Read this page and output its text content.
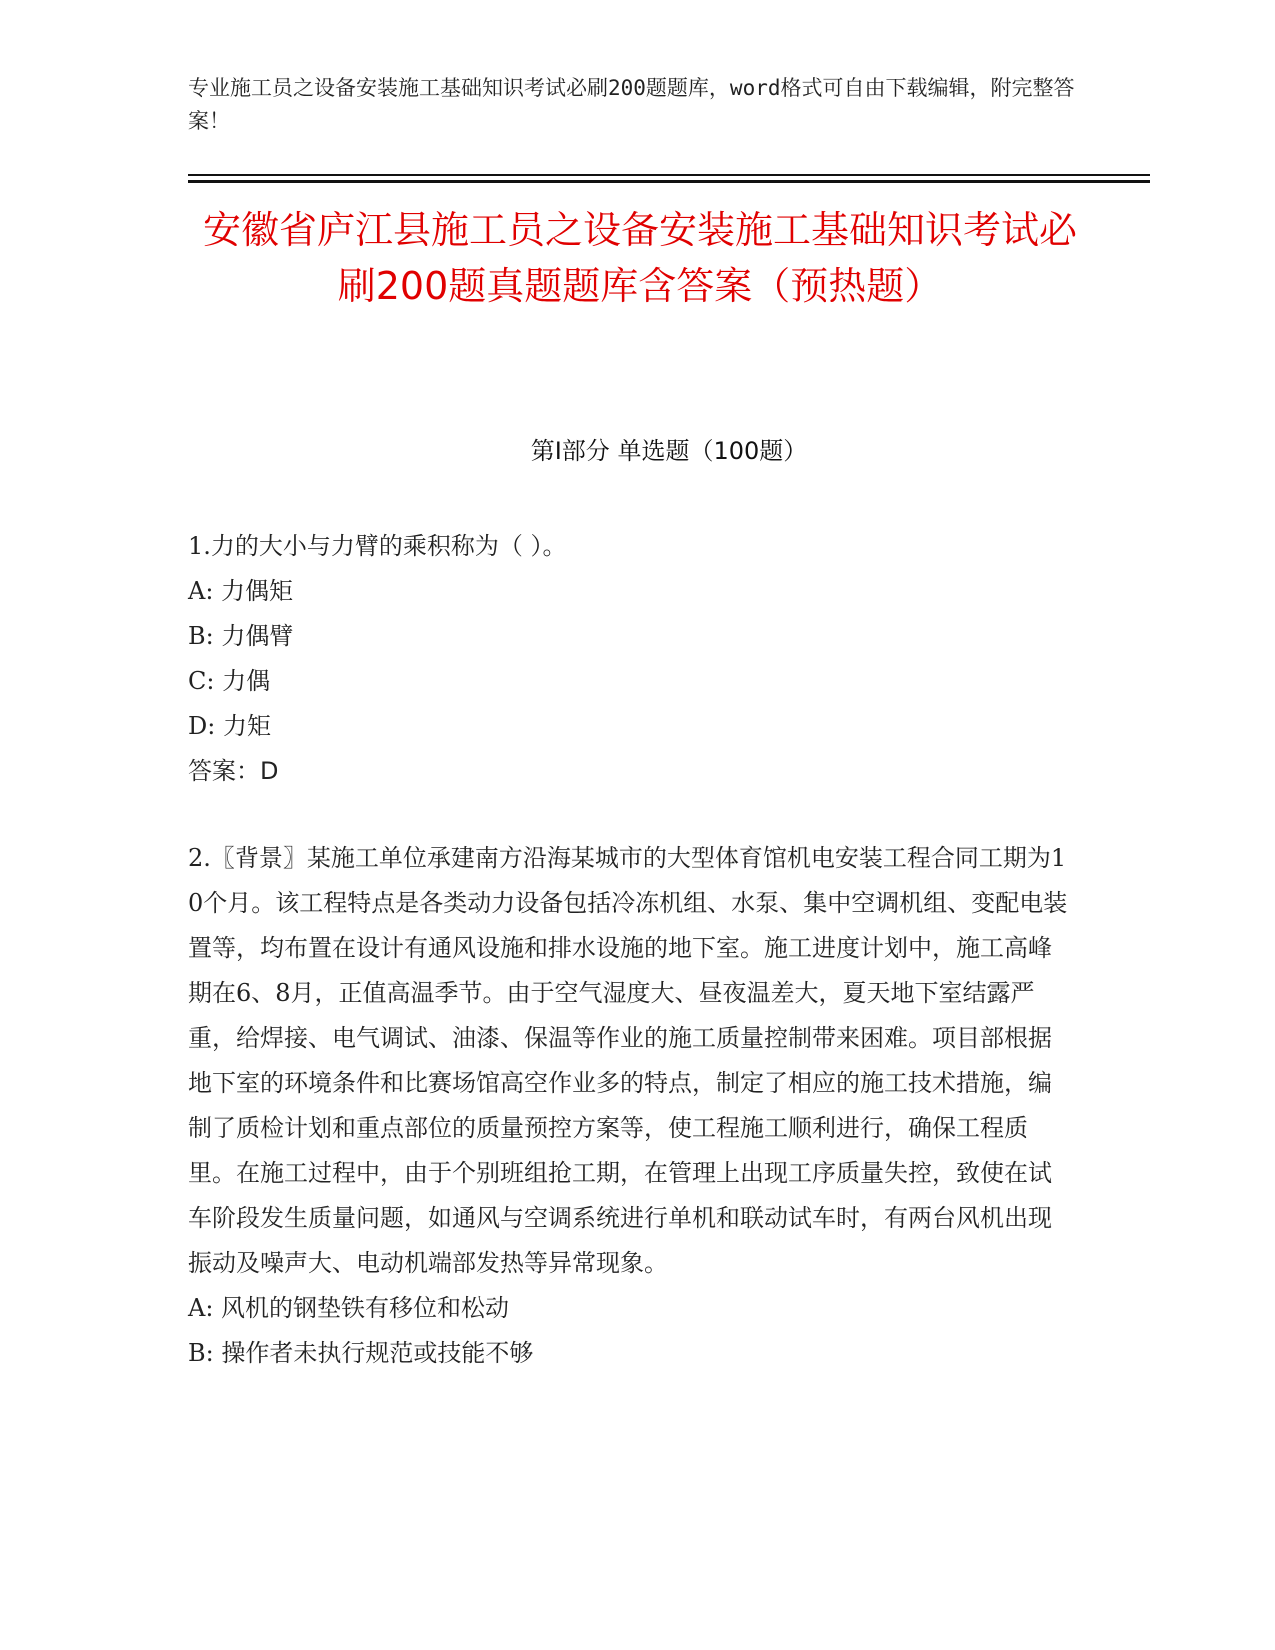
专业施工员之设备安装施工基础知识考试必刷200题题库，word格式可自由下载编辑，附完整答案！
安徽省庐江县施工员之设备安装施工基础知识考试必刷200题真题题库含答案（预热题）
第I部分 单选题（100题）

1.力的大小与力臂的乘积称为（ ）。

A: 力偶矩

B: 力偶臂

C: 力偶

D: 力矩

答案：D

2.〖背景〗某施工单位承建南方沿海某城市的大型体育馆机电安装工程合同工期为10个月。该工程特点是各类动力设备包括冷冻机组、水泵、集中空调机组、变配电装置等，均布置在设计有通风设施和排水设施的地下室。施工进度计划中，施工高峰期在6、8月，正值高温季节。由于空气湿度大、昼夜温差大，夏天地下室结露严重，给焊接、电气调试、油漆、保温等作业的施工质量控制带来困难。项目部根据地下室的环境条件和比赛场馆高空作业多的特点，制定了相应的施工技术措施，编制了质检计划和重点部位的质量预控方案等，使工程施工顺利进行，确保工程质里。在施工过程中，由于个别班组抢工期，在管理上出现工序质量失控，致使在试车阶段发生质量问题，如通风与空调系统进行单机和联动试车时，有两台风机出现振动及噪声大、电动机端部发热等异常现象。

A: 风机的钢垫铁有移位和松动

B: 操作者未执行规范或技能不够
